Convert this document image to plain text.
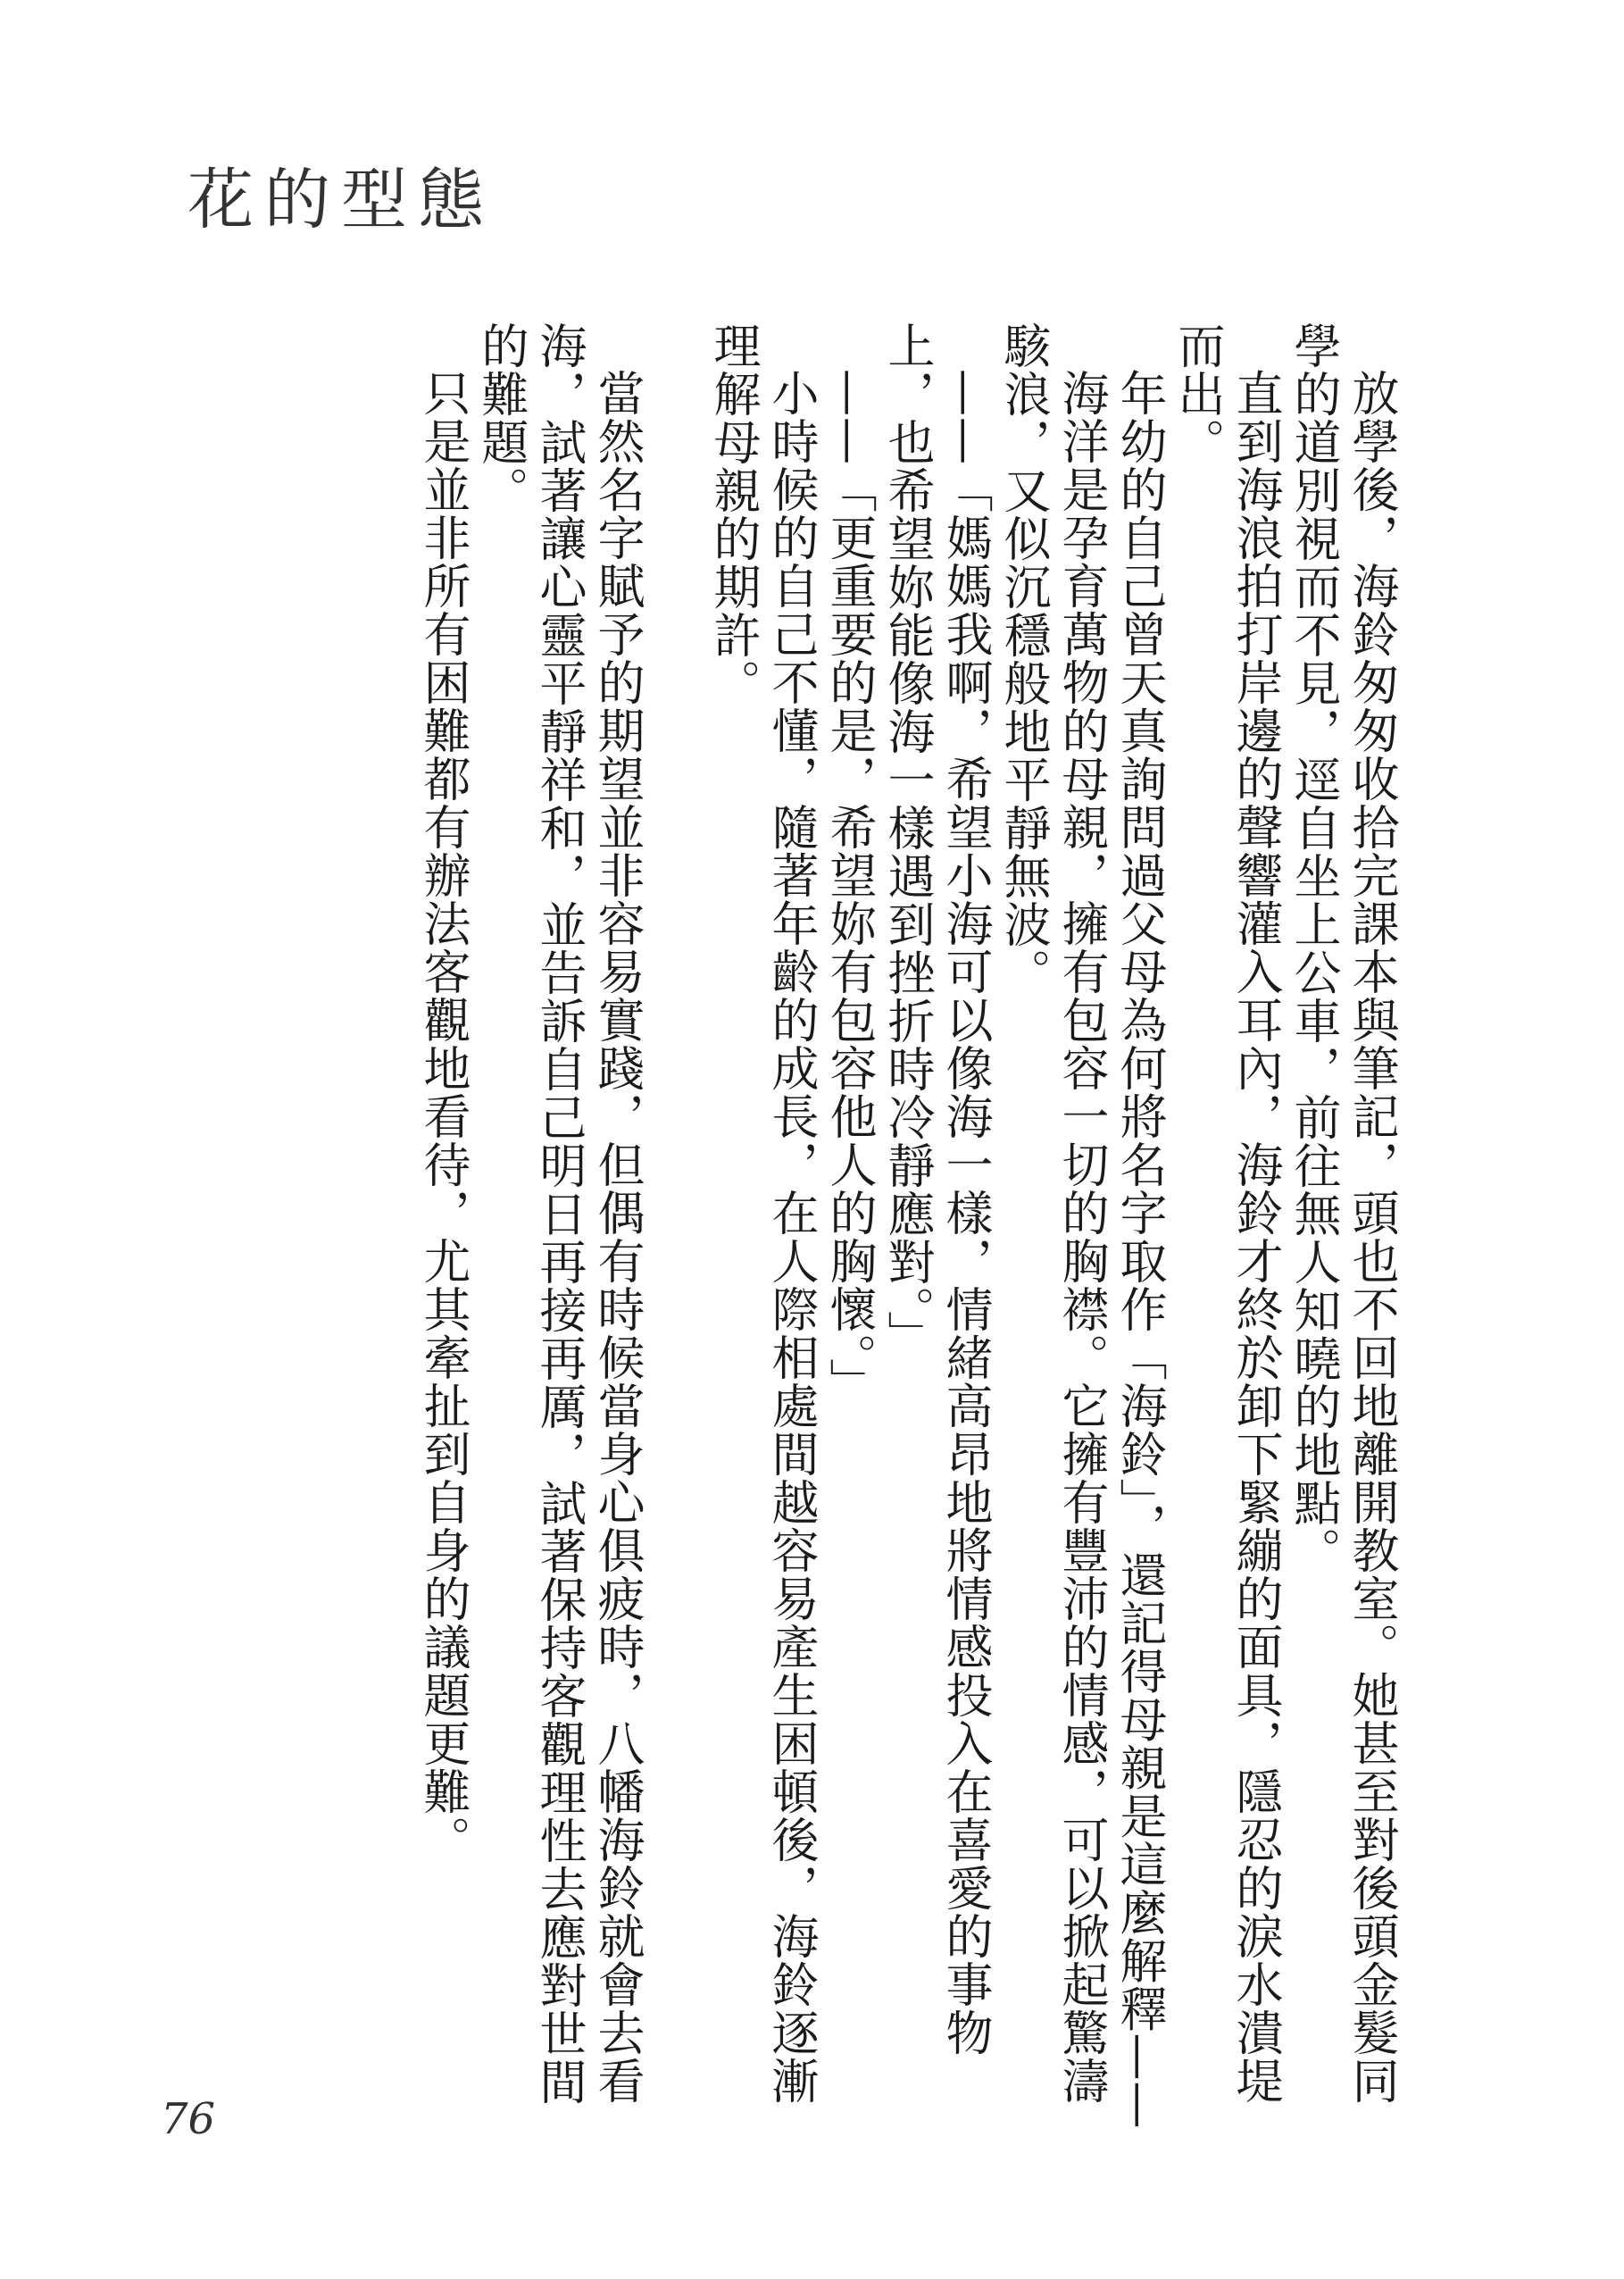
花的型態

放學後，海鈴匆匆收拾完課本與筆記，頭也不回地離開教室。她甚至對後頭金髮同學的道別視而不見，逕自坐上公車，前往無人知曉的地點。

直到海浪拍打岸邊的聲響灌入耳內，海鈴才終於卸下緊繃的面具，隱忍的淚水潰堤而出。

年幼的自己曾天真詢問過父母為何將名字取作「海鈴」，還記得母親是這麼解釋——

海洋是孕育萬物的母親，擁有包容一切的胸襟。它擁有豐沛的情感，可以掀起驚濤駭浪，又似沉穩般地平靜無波。

——「媽媽我啊，希望小海可以像海一樣，情緒高昂地將情感投入在喜愛的事物上，也希望妳能像海一樣遇到挫折時冷靜應對。」

——「更重要的是，希望妳有包容他人的胸懷。」

小時候的自己不懂，隨著年齡的成長，在人際相處間越容易產生困頓後，海鈴逐漸理解母親的期許。

當然名字賦予的期望並非容易實踐，但偶有時候當身心俱疲時，八幡海鈴就會去看海，試著讓心靈平靜祥和，並告訴自己明日再接再厲，試著保持客觀理性去應對世間的難題。

只是並非所有困難都有辦法客觀地看待，尤其牽扯到自身的議題更難。

76
